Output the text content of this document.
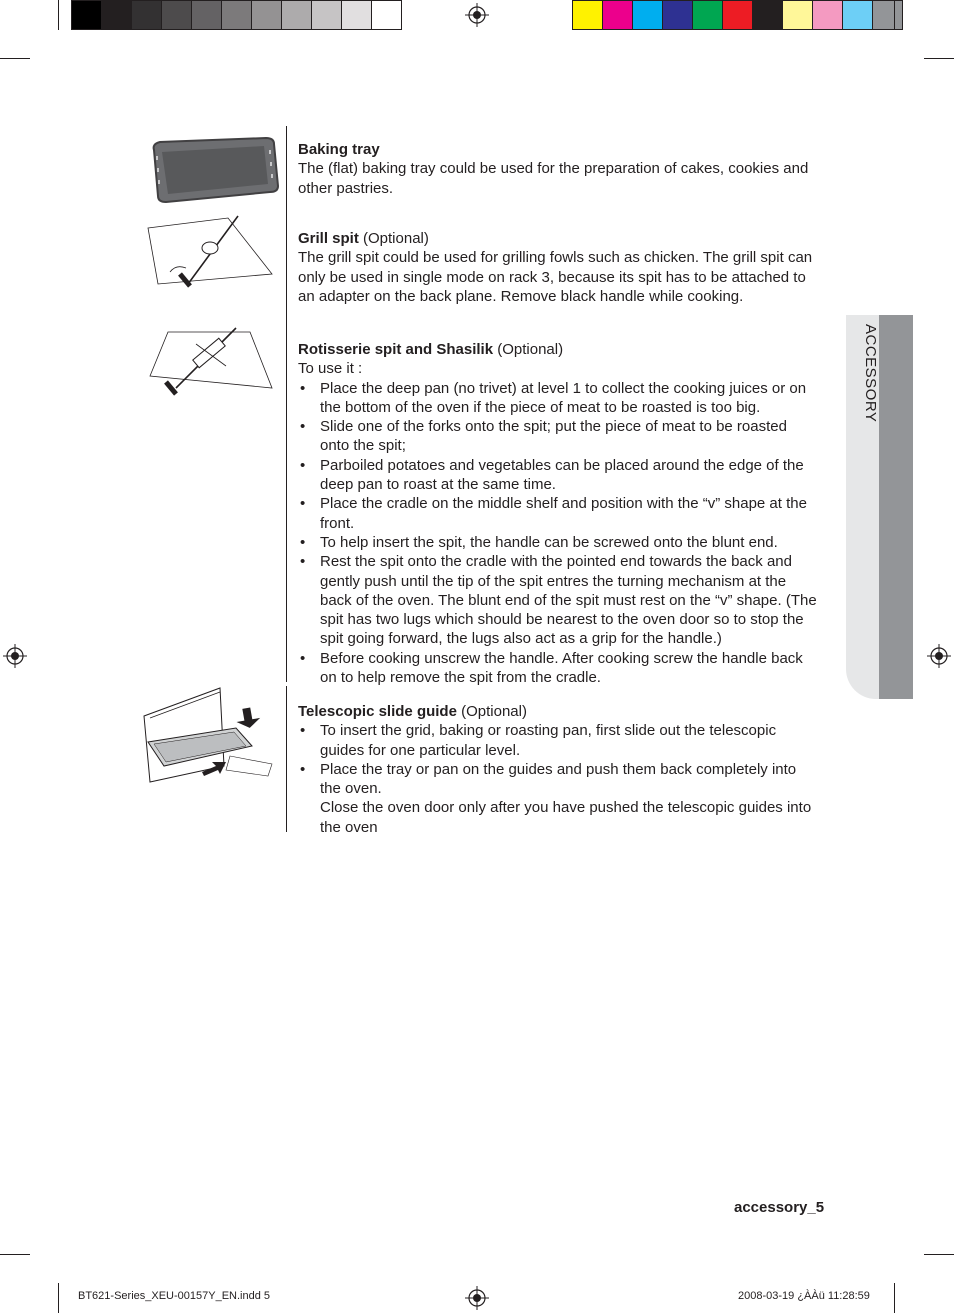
Baking tray

The (flat) baking tray could be used for the preparation of cakes, cookies and other pastries.

Grill spit (Optional)

The grill spit could be used for grilling fowls such as chicken. The grill spit can only be used in single mode on rack 3, because its spit has to be attached to an adapter on the back plane. Remove black handle while cooking.

Rotisserie spit and Shasilik (Optional)

To use it :

• Place the deep pan (no trivet) at level 1 to collect the cooking juices or on the bottom of the oven if the piece of meat to be roasted is too big.
• Slide one of the forks onto the spit; put the piece of meat to be roasted onto the spit;
• Parboiled potatoes and vegetables can be placed around the edge of the deep pan to roast at the same time.
• Place the cradle on the middle shelf and position with the “v” shape at the front.
• To help insert the spit, the handle can be screwed onto the blunt end.
• Rest the spit onto the cradle with the pointed end towards the back and gently push until the tip of the spit entres the turning mechanism at the back of the oven. The blunt end of the spit must rest on the “v” shape. (The spit has two lugs which should be nearest to the oven door so to stop the spit going forward, the lugs also act as a grip for the handle.)
• Before cooking unscrew the handle. After cooking screw the handle back on to help remove the spit from the cradle.

Telescopic slide guide (Optional)

• To insert the grid, baking or roasting pan, first slide out the telescopic guides for one particular level.
• Place the tray or pan on the guides and push them back completely into the oven.

Close the oven door only after you have pushed the telescopic guides into the oven

ACCESSORY
accessory_5
BT621-Series_XEU-00157Y_EN.indd 5	2008-03-19 ¿ÀÀü 11:28:59
